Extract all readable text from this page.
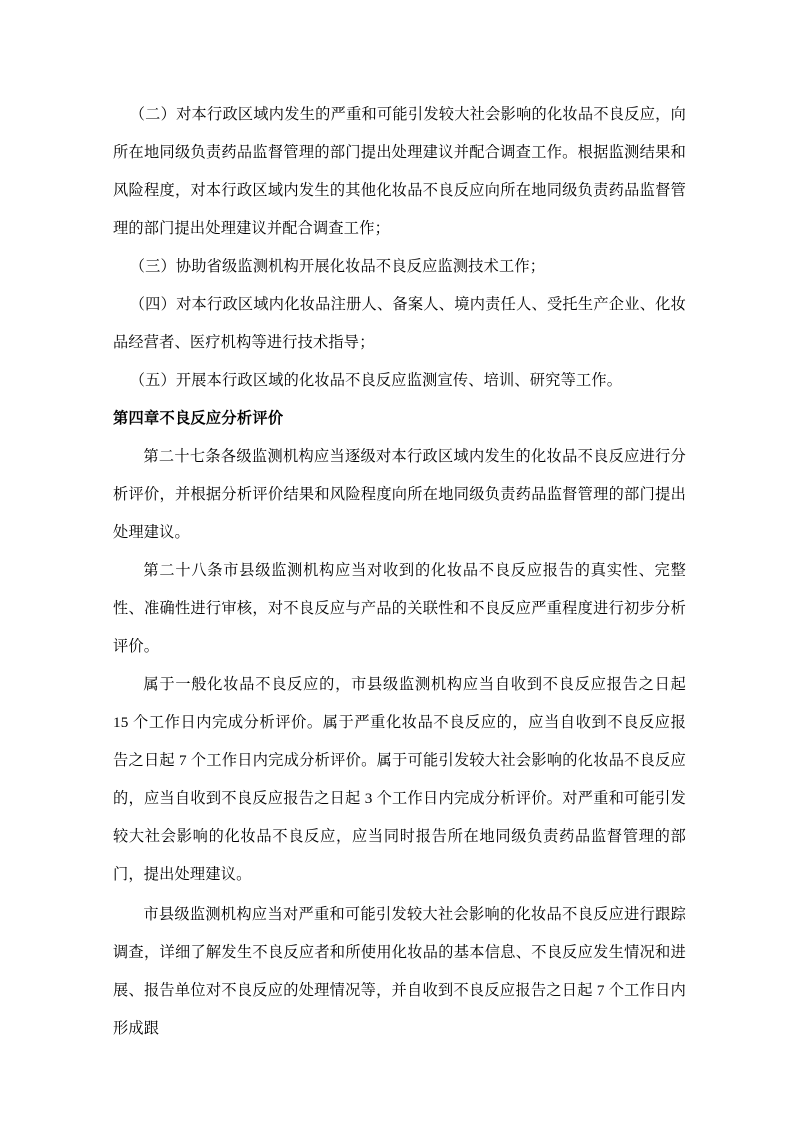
（二）对本行政区域内发生的严重和可能引发较大社会影响的化妆品不良反应，向所在地同级负责药品监督管理的部门提出处理建议并配合调查工作。根据监测结果和风险程度，对本行政区域内发生的其他化妆品不良反应向所在地同级负责药品监督管理的部门提出处理建议并配合调查工作；

（三）协助省级监测机构开展化妆品不良反应监测技术工作；

（四）对本行政区域内化妆品注册人、备案人、境内责任人、受托生产企业、化妆品经营者、医疗机构等进行技术指导；

（五）开展本行政区域的化妆品不良反应监测宣传、培训、研究等工作。

第四章不良反应分析评价

第二十七条各级监测机构应当逐级对本行政区域内发生的化妆品不良反应进行分析评价，并根据分析评价结果和风险程度向所在地同级负责药品监督管理的部门提出处理建议。

第二十八条市县级监测机构应当对收到的化妆品不良反应报告的真实性、完整性、准确性进行审核，对不良反应与产品的关联性和不良反应严重程度进行初步分析评价。

属于一般化妆品不良反应的，市县级监测机构应当自收到不良反应报告之日起 15 个工作日内完成分析评价。属于严重化妆品不良反应的，应当自收到不良反应报告之日起 7 个工作日内完成分析评价。属于可能引发较大社会影响的化妆品不良反应的，应当自收到不良反应报告之日起 3 个工作日内完成分析评价。对严重和可能引发较大社会影响的化妆品不良反应，应当同时报告所在地同级负责药品监督管理的部门，提出处理建议。

市县级监测机构应当对严重和可能引发较大社会影响的化妆品不良反应进行跟踪调查，详细了解发生不良反应者和所使用化妆品的基本信息、不良反应发生情况和进展、报告单位对不良反应的处理情况等，并自收到不良反应报告之日起 7 个工作日内形成跟
